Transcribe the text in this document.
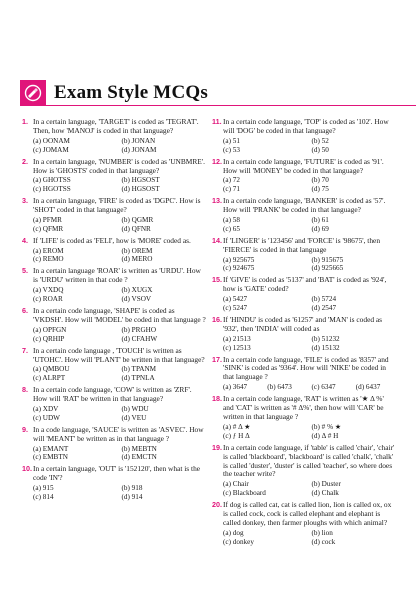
Exam Style MCQs
1. In a certain language, 'TARGET' is coded as 'TEGRAT'. Then, how 'MANOJ' is coded in that language?
(a) OONAM	(b) JONAN
(c) JOMAM	(d) JONAM
2. In a certain language, 'NUMBER' is coded as 'UNBMRE'. How is 'GHOSTS' coded in that language?
(a) GHOTSS	(b) HGSOST
(c) HGOTSS	(d) HGSOST
3. In a certain language, 'FIRE' is coded as 'DGPC'. How is 'SHOT' coded in that language?
(a) PFMR	(b) QGMR
(c) QFMR	(d) QFNR
4. If 'LIFE' is coded as 'FELI', how is 'MORE' coded as.
(a) EROM	(b) OREM
(c) REMO	(d) MERO
5. In a certain language 'ROAR' is written as 'URDU'. How is 'URDU' written in that code ?
(a) VXDQ	(b) XUGX
(c) ROAR	(d) VSOV
6. In a certain code language, 'SHAPE' is coded as 'VKDSH'. How will 'MODEL' be coded in that language ?
(a) OPFGN	(b) PRGHO
(c) QRHIP	(d) CFAHW
7. In a certain code language , 'TOUCH' is written as 'UTOHC'. How will 'PLANT' be written in that language?
(a) QMBOU	(b) TPANM
(c) ALRPT	(d) TPNLA
8. In a certain code language, 'COW' is written as 'ZRF'. How will 'RAT' be written in that language?
(a) XDV	(b) WDU
(c) UDW	(d) VEU
9. In a code language, 'SAUCE' is written as 'ASVEC'. How will 'MEANT' be written as in that language ?
(a) EMANT	(b) MEBTN
(c) EMBTN	(d) EMCTN
10. In a certain language, 'OUT' is '152120', then what is the code 'IN'?
(a) 915	(b) 918
(c) 814	(d) 914
11. In a certain code language, 'TOP' is coded as '102'. How will 'DOG' be coded in that language?
(a) 51	(b) 52
(c) 53	(d) 50
12. In a certain code language, 'FUTURE' is coded as '91'. How will 'MONEY' be coded in that language?
(a) 72	(b) 70
(c) 71	(d) 75
13. In a certain code language, 'BANKER' is coded as '57'. How will 'PRANK' be coded in that language?
(a) 58	(b) 61
(c) 65	(d) 69
14. If 'LINGER' is '123456' and 'FORCE' is '98675', then 'FIERCE' is coded in that language
(a) 925675	(b) 915675
(c) 924675	(d) 925665
15. If 'GIVE' is coded as '5137' and 'BAT' is coded as '924', how is 'GATE' coded?
(a) 5427	(b) 5724
(c) 5247	(d) 2547
16. If 'HINDU' is coded as '61257' and 'MAN' is coded as '932', then 'INDIA' will coded as
(a) 21513	(b) 51232
(c) 12513	(d) 15132
17. In a certain code language, 'FILE' is coded as '8357' and 'SINK' is coded as '9364'. How will 'NIKE' be coded in that language ?
(a) 3647	(b) 6473	(c) 6347	(d) 6437
18. In a certain code language, 'RAT' is written as '★ Δ %' and 'CAT' is written as '# Δ%', then how will 'CAR' be written in that language ?
(a) # Δ ★	(b) # % ★
(c) ƒ H Δ	(d) Δ # H
19. In a certain code language, if 'table' is called 'chair', 'chair' is called 'blackboard', 'blackboard' is called 'chalk', 'chalk' is called 'duster', 'duster' is called 'teacher', so where does the teacher write?
(a) Chair	(b) Duster
(c) Blackboard	(d) Chalk
20. If dog is called cat, cat is called lion, lion is called ox, ox is called cock, cock is called elephant and elephant is called donkey, then farmer ploughs with which animal?
(a) dog	(b) lion
(c) donkey	(d) cock
